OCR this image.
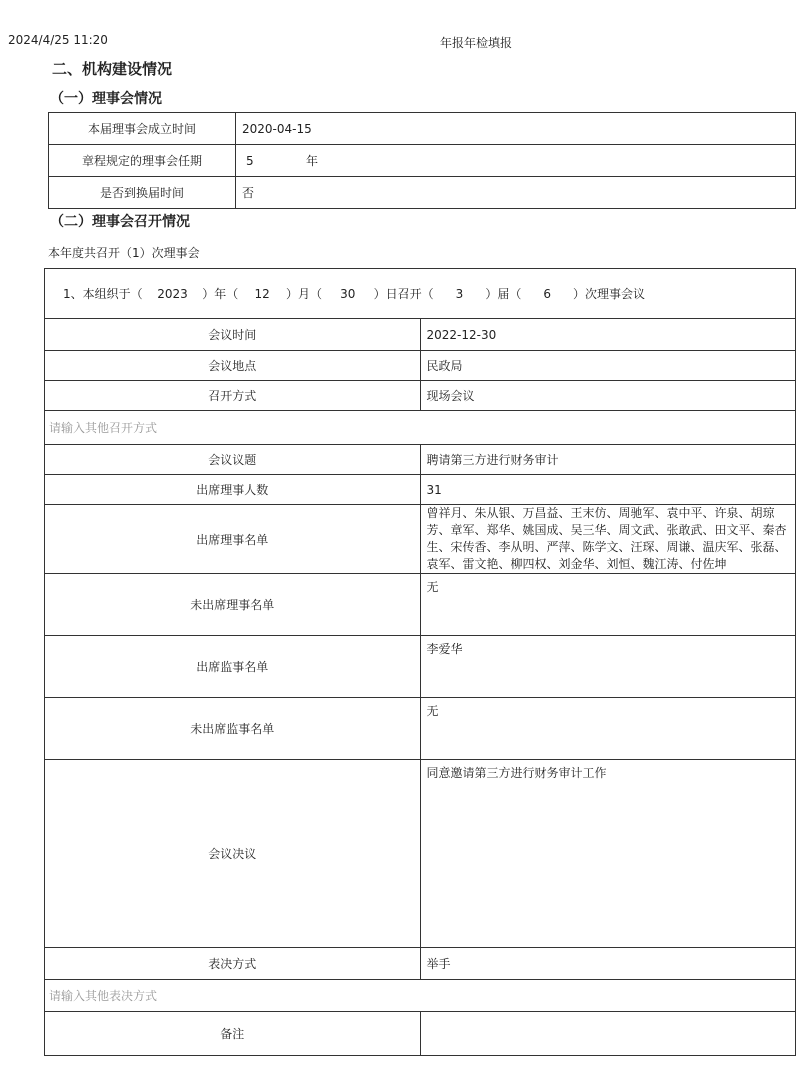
2024/4/25 11:20	年报年检填报
二、机构建设情况
（一）理事会情况
本届理事会成立时间	2020-04-15
章程规定的理事会任期	5 年
是否到换届时间	否
（二）理事会召开情况
本年度共召开（1）次理事会
1、本组织于（ 2023 ）年（ 12 ）月（ 30 ）日召开（ 3 ）届（ 6 ）次理事会议	
会议时间	2022-12-30
会议地点	民政局
召开方式	现场会议
请输入其他召开方式	
会议议题	聘请第三方进行财务审计
出席理事人数	31
出席理事名单	曾祥月、朱从银、万昌益、王末仿、周驰军、袁中平、许泉、胡琼芳、章军、郑华、姚国成、吴三华、周文武、张敢武、田文平、秦杏生、宋传香、李从明、严萍、陈学文、汪琛、周谦、温庆军、张磊、袁军、雷文艳、柳四权、刘金华、刘恒、魏江涛、付佐坤
未出席理事名单	无
出席监事名单	李爱华
未出席监事名单	无
会议决议	同意邀请第三方进行财务审计工作
表决方式	举手
请输入其他表决方式	
备注	
